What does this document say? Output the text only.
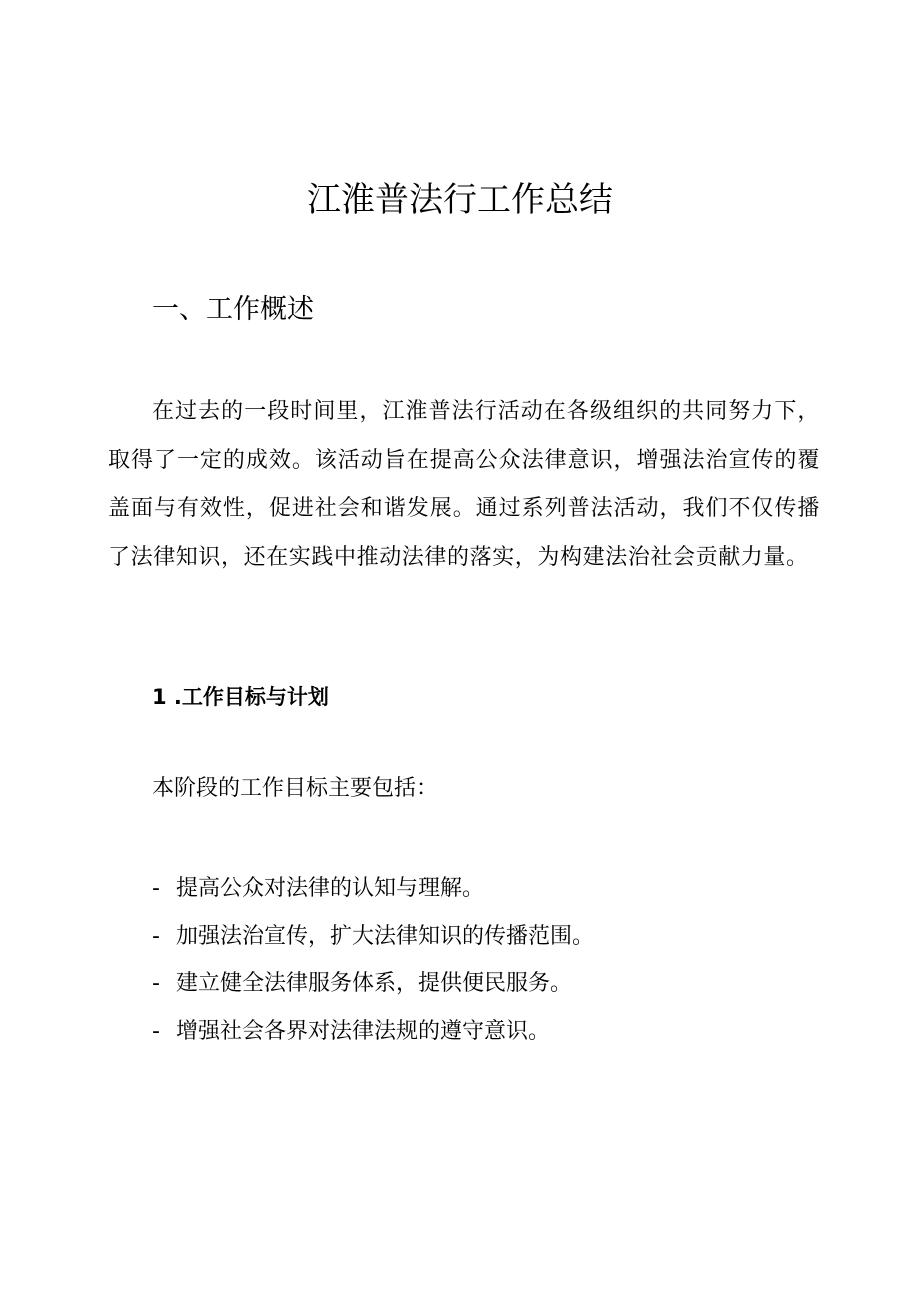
江淮普法行工作总结
一、工作概述
在过去的一段时间里，江淮普法行活动在各级组织的共同努力下，取得了一定的成效。该活动旨在提高公众法律意识，增强法治宣传的覆盖面与有效性，促进社会和谐发展。通过系列普法活动，我们不仅传播了法律知识，还在实践中推动法律的落实，为构建法治社会贡献力量。
1 .工作目标与计划
本阶段的工作目标主要包括：
- 提高公众对法律的认知与理解。
- 加强法治宣传，扩大法律知识的传播范围。
- 建立健全法律服务体系，提供便民服务。
- 增强社会各界对法律法规的遵守意识。
